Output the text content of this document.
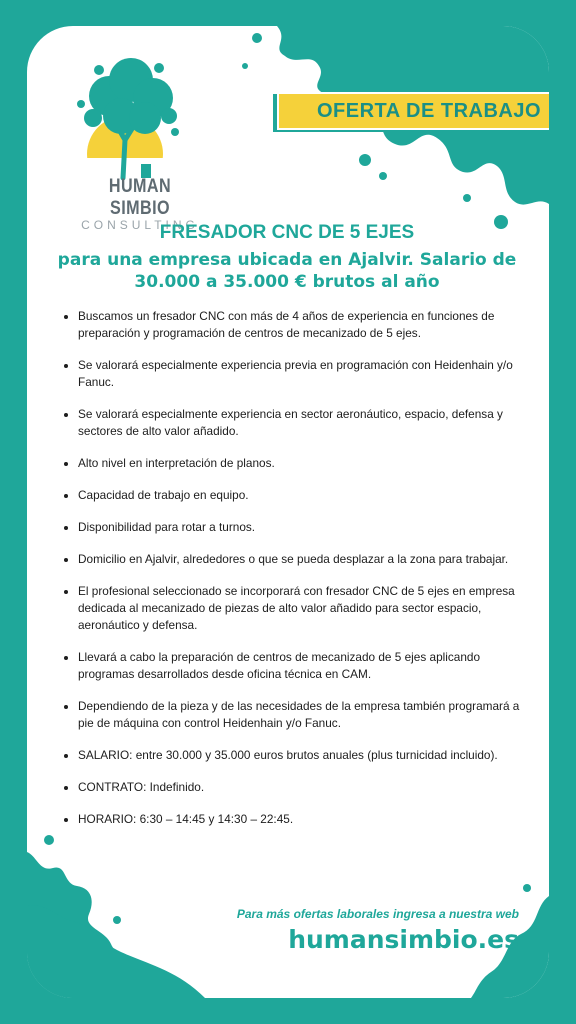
HUMAN SIMBIO
CONSULTING
OFERTA DE TRABAJO
FRESADOR CNC DE 5 EJES
para una empresa ubicada en Ajalvir. Salario de
30.000 a 35.000 € brutos al año
Buscamos un fresador CNC con más de 4 años de experiencia en funciones de preparación y programación de centros de mecanizado de 5 ejes.
Se valorará especialmente experiencia previa en programación con Heidenhain y/o Fanuc.
Se valorará especialmente experiencia en sector aeronáutico, espacio, defensa y sectores de alto valor añadido.
Alto nivel en interpretación de planos.
Capacidad de trabajo en equipo.
Disponibilidad para rotar a turnos.
Domicilio en Ajalvir, alrededores o que se pueda desplazar a la zona para trabajar.
El profesional seleccionado se incorporará con fresador CNC de 5 ejes en empresa dedicada al mecanizado de piezas de alto valor añadido para sector espacio, aeronáutico y defensa.
Llevará a cabo la preparación de centros de mecanizado de 5 ejes aplicando programas desarrollados desde oficina técnica en CAM.
Dependiendo de la pieza y de las necesidades de la empresa también programará a pie de máquina con control Heidenhain y/o Fanuc.
SALARIO: entre 30.000 y 35.000 euros brutos anuales (plus turnicidad incluido).
CONTRATO: Indefinido.
HORARIO: 6:30 – 14:45 y 14:30 – 22:45.
Para más ofertas laborales ingresa a nuestra web
humansimbio.es
